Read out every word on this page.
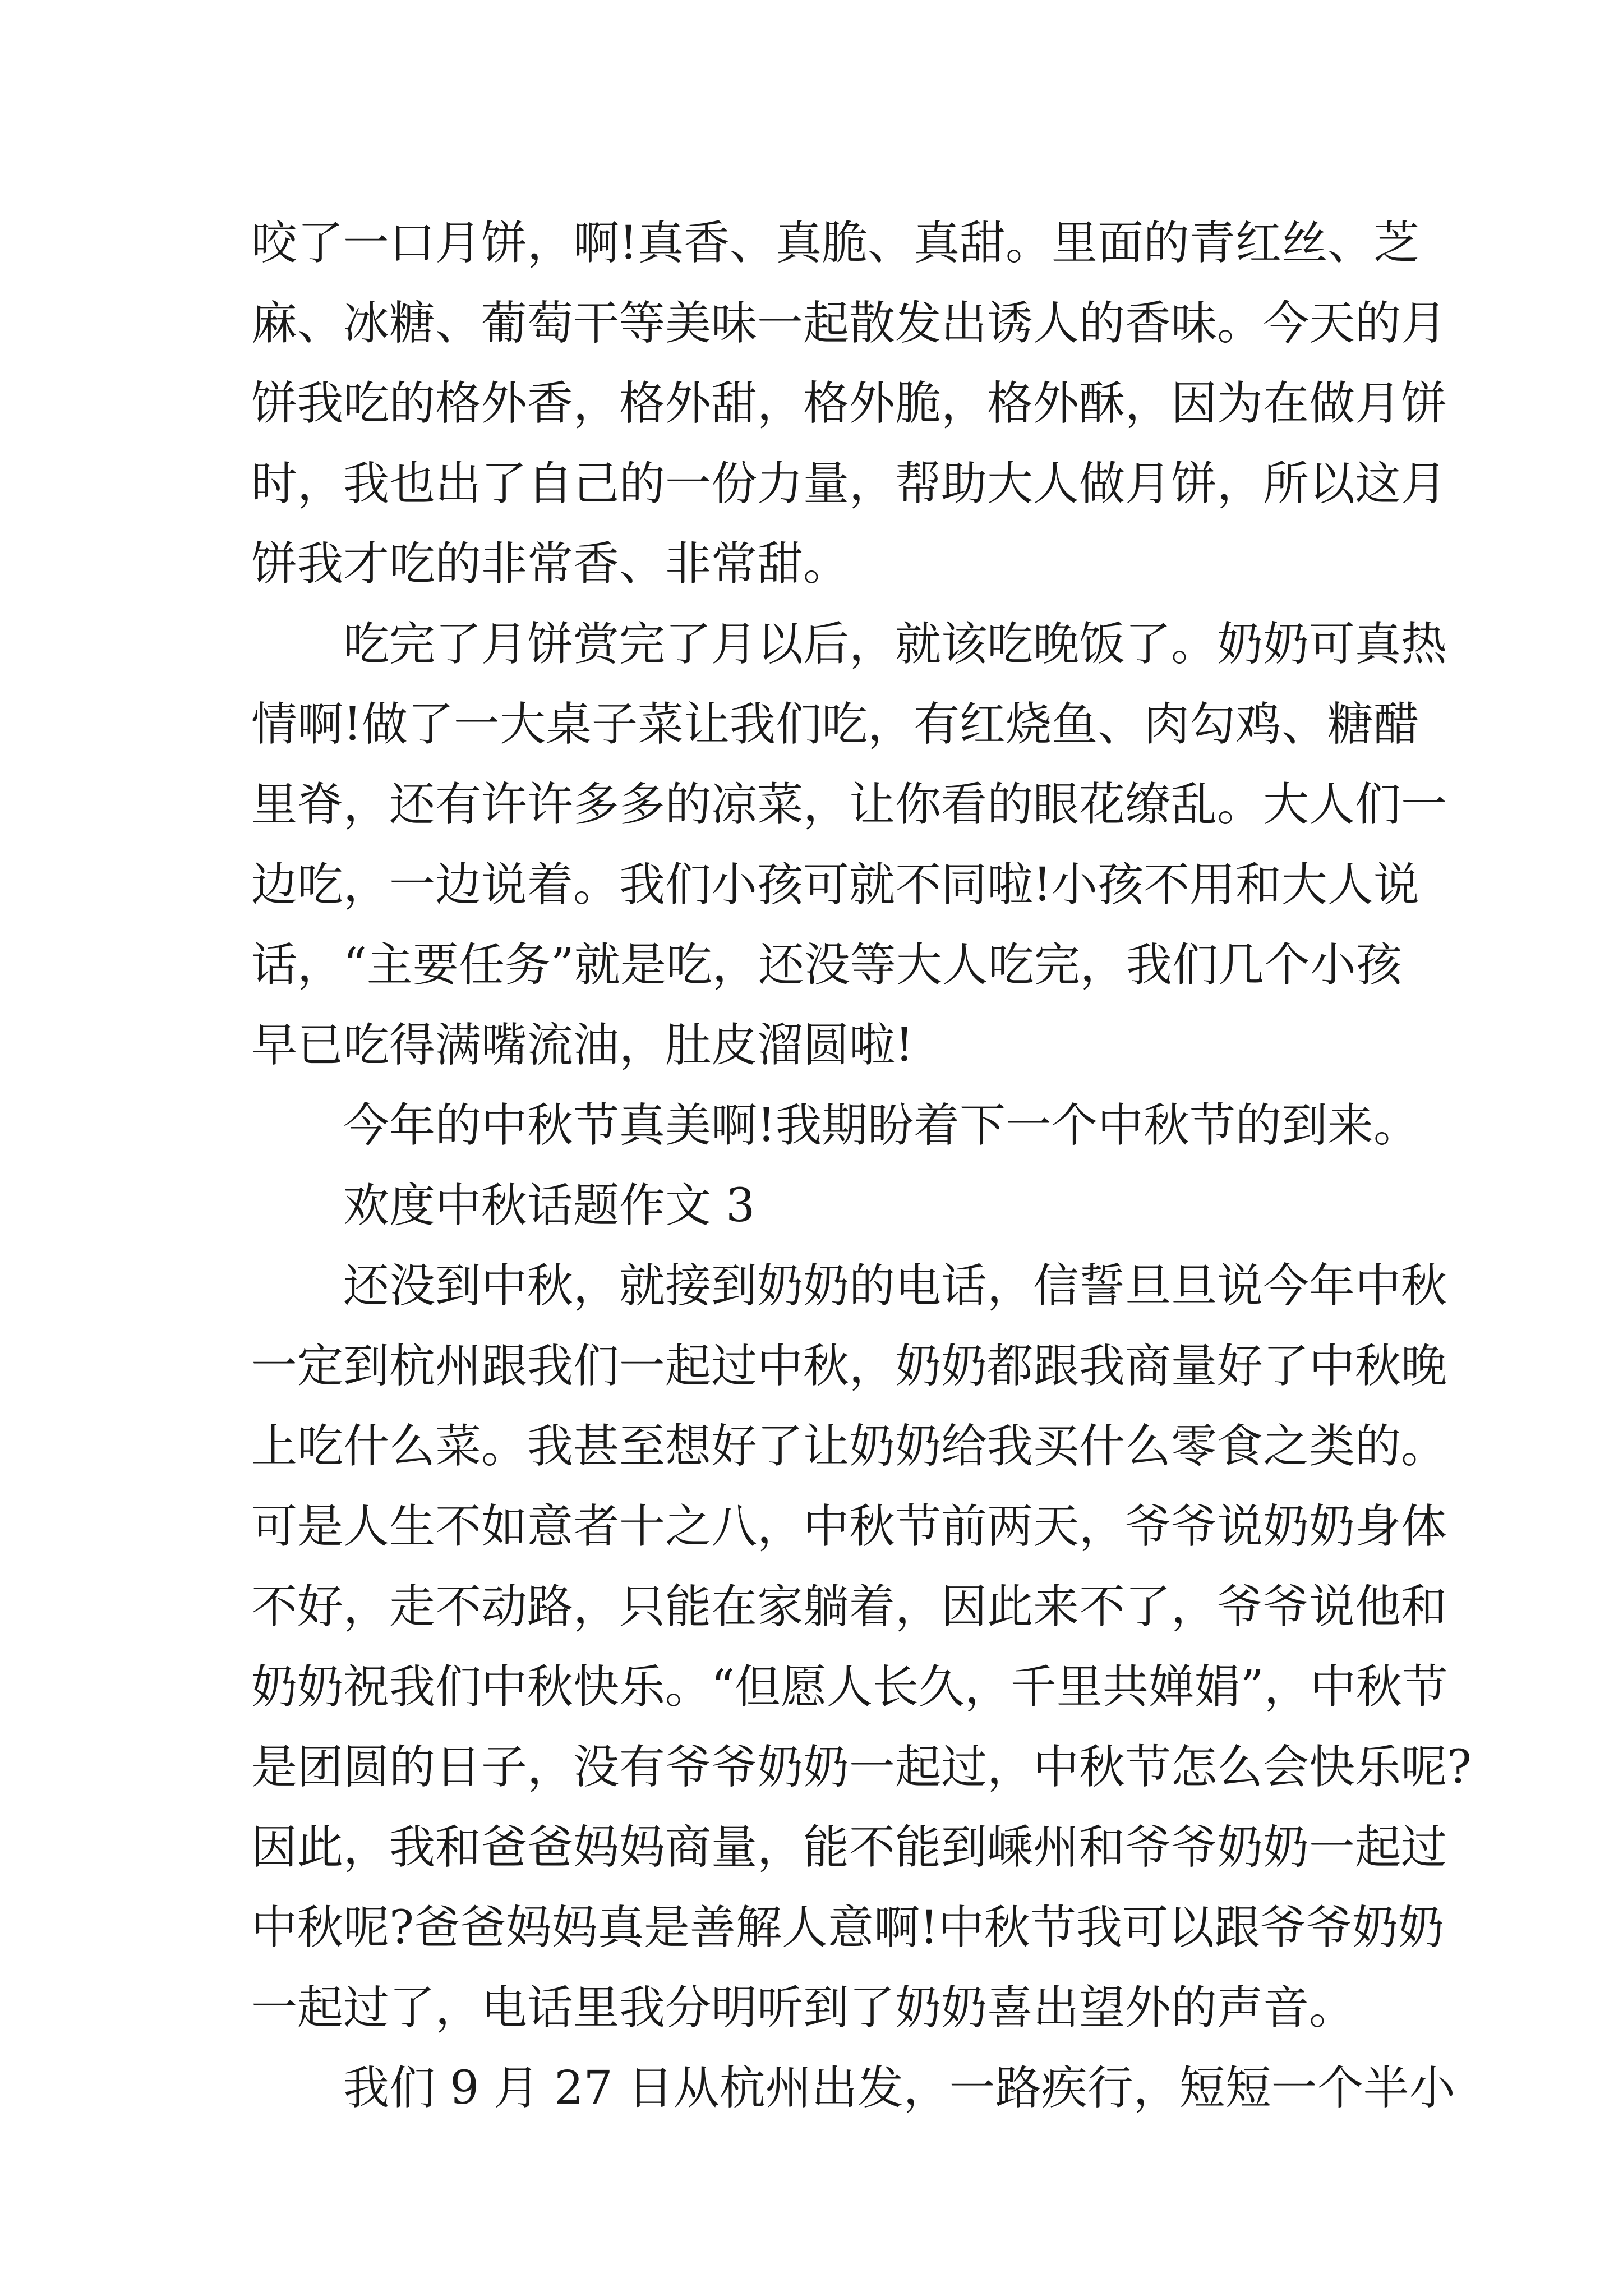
咬了一口月饼，啊!真香、真脆、真甜。里面的青红丝、芝
麻、冰糖、葡萄干等美味一起散发出诱人的香味。今天的月
饼我吃的格外香，格外甜，格外脆，格外酥，因为在做月饼
时，我也出了自己的一份力量，帮助大人做月饼，所以这月
饼我才吃的非常香、非常甜。
吃完了月饼赏完了月以后，就该吃晚饭了。奶奶可真热
情啊!做了一大桌子菜让我们吃，有红烧鱼、肉勾鸡、糖醋
里脊，还有许许多多的凉菜，让你看的眼花缭乱。大人们一
边吃，一边说着。我们小孩可就不同啦!小孩不用和大人说
话，“主要任务”就是吃，还没等大人吃完，我们几个小孩
早已吃得满嘴流油，肚皮溜圆啦!
今年的中秋节真美啊!我期盼着下一个中秋节的到来。
欢度中秋话题作文 3
还没到中秋，就接到奶奶的电话，信誓旦旦说今年中秋
一定到杭州跟我们一起过中秋，奶奶都跟我商量好了中秋晚
上吃什么菜。我甚至想好了让奶奶给我买什么零食之类的。
可是人生不如意者十之八，中秋节前两天，爷爷说奶奶身体
不好，走不动路，只能在家躺着，因此来不了，爷爷说他和
奶奶祝我们中秋快乐。“但愿人长久，千里共婵娟”，中秋节
是团圆的日子，没有爷爷奶奶一起过，中秋节怎么会快乐呢?
因此，我和爸爸妈妈商量，能不能到嵊州和爷爷奶奶一起过
中秋呢?爸爸妈妈真是善解人意啊!中秋节我可以跟爷爷奶奶
一起过了，电话里我分明听到了奶奶喜出望外的声音。
我们 9 月 27 日从杭州出发，一路疾行，短短一个半小
